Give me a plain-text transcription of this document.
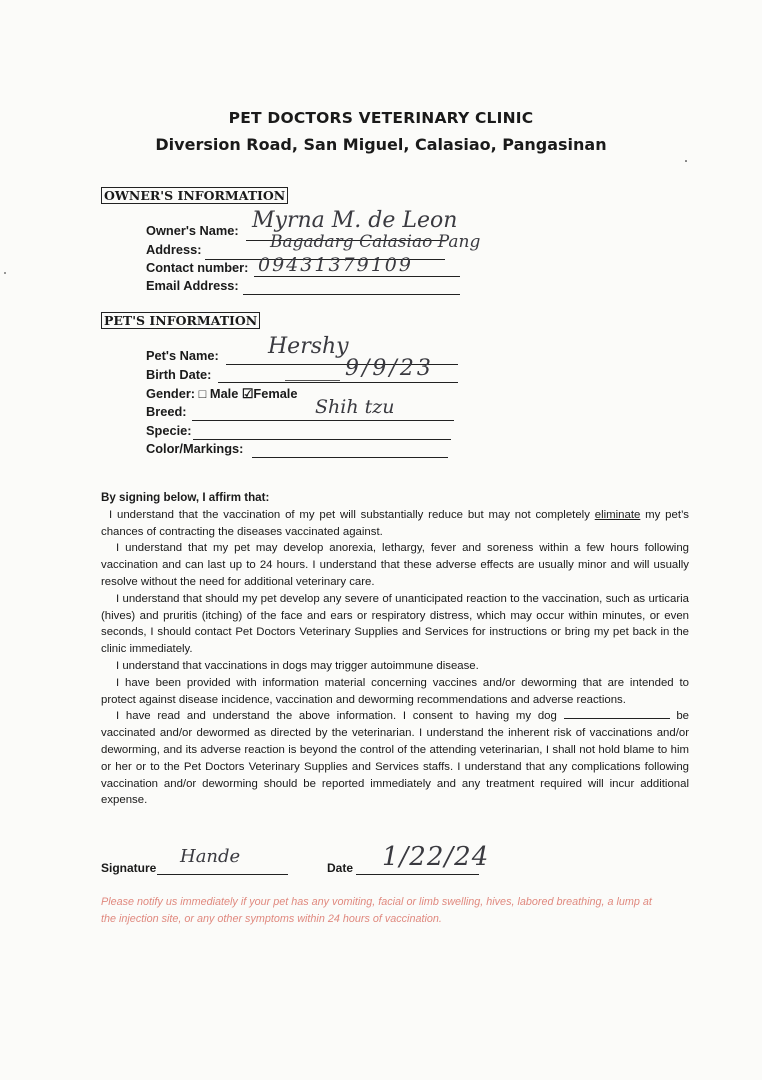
PET DOCTORS VETERINARY CLINIC
Diversion Road, San Miguel, Calasiao, Pangasinan
OWNER'S INFORMATION
Owner's Name: Myrna M. de Leon
Address:	Bagadarg Calasiao Pang
Contact number: 09431379109
Email Address:
PET'S INFORMATION
Pet's Name: Hershy
Birth Date:	9/9/23
Gender: □ Male ☑Female
Breed:	Shih tzu
Specie:
Color/Markings:
By signing below, I affirm that:

I understand that the vaccination of my pet will substantially reduce but may not completely eliminate my pet’s chances of contracting the diseases vaccinated against.

I understand that my pet may develop anorexia, lethargy, fever and soreness within a few hours following vaccination and can last up to 24 hours. I understand that these adverse effects are usually minor and will usually resolve without the need for additional veterinary care.

I understand that should my pet develop any severe of unanticipated reaction to the vaccination, such as urticaria (hives) and pruritis (itching) of the face and ears or respiratory distress, which may occur within minutes, or even seconds, I should contact Pet Doctors Veterinary Supplies and Services for instructions or bring my pet back in the clinic immediately.

I understand that vaccinations in dogs may trigger autoimmune disease.

I have been provided with information material concerning vaccines and/or deworming that are intended to protect against disease incidence, vaccination and deworming recommendations and adverse reactions.

I have read and understand the above information. I consent to having my dog	be vaccinated and/or dewormed as directed by the veterinarian. I understand the inherent risk of vaccinations and/or deworming, and its adverse reaction is beyond the control of the attending veterinarian, I shall not hold blame to him or her or to the Pet Doctors Veterinary Supplies and Services staffs. I understand that any complications following vaccination and/or deworming should be reported immediately and any treatment required will incur additional expense.

Signature
Hande
Date 1/22/24
Please notify us immediately if your pet has any vomiting, facial or limb swelling, hives, labored breathing, a lump at the injection site, or any other symptoms within 24 hours of vaccination.
